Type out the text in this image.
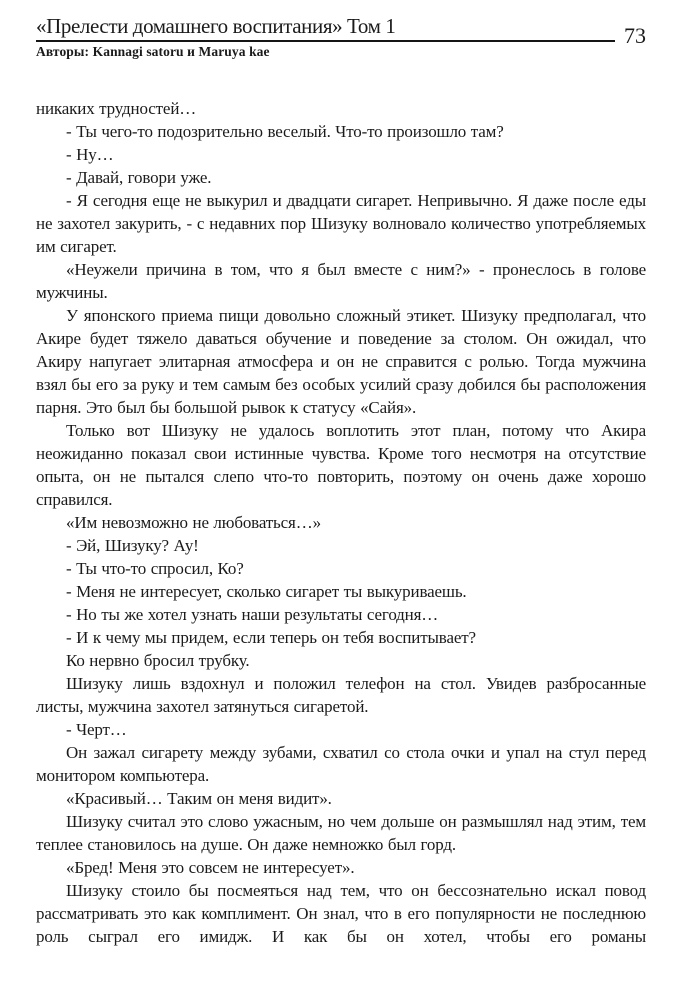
«Прелести домашнего воспитания» Том 1	73
Авторы: Kannagi satoru и Maruya kae

никаких трудностей…

- Ты чего-то подозрительно веселый. Что-то произошло там?

- Ну…

- Давай, говори уже.

- Я сегодня еще не выкурил и двадцати сигарет. Непривычно. Я даже после еды не захотел закурить, - с недавних пор Шизуку волновало количество употребляемых им сигарет.

«Неужели причина в том, что я был вместе с ним?» - пронеслось в голове мужчины.

У японского приема пищи довольно сложный этикет. Шизуку предполагал, что Акире будет тяжело даваться обучение и поведение за столом. Он ожидал, что Акиру напугает элитарная атмосфера и он не справится с ролью. Тогда мужчина взял бы его за руку и тем самым без особых усилий сразу добился бы расположения парня. Это был бы большой рывок к статусу «Сайя».

Только вот Шизуку не удалось воплотить этот план, потому что Акира неожиданно показал свои истинные чувства. Кроме того несмотря на отсутствие опыта, он не пытался слепо что-то повторить, поэтому он очень даже хорошо справился.

«Им невозможно не любоваться…»

- Эй, Шизуку? Ау!

- Ты что-то спросил, Ко?

- Меня не интересует, сколько сигарет ты выкуриваешь.

- Но ты же хотел узнать наши результаты сегодня…

- И к чему мы придем, если теперь он тебя воспитывает?

Ко нервно бросил трубку.

Шизуку лишь вздохнул и положил телефон на стол. Увидев разбросанные листы, мужчина захотел затянуться сигаретой.

- Черт…

Он зажал сигарету между зубами, схватил со стола очки и упал на стул перед монитором компьютера.

«Красивый… Таким он меня видит».

Шизуку считал это слово ужасным, но чем дольше он размышлял над этим, тем теплее становилось на душе. Он даже немножко был горд.

«Бред! Меня это совсем не интересует».

Шизуку стоило бы посмеяться над тем, что он бессознательно искал повод рассматривать это как комплимент. Он знал, что в его популярности не последнюю роль сыграл его имидж. И как бы он хотел, чтобы его романы
